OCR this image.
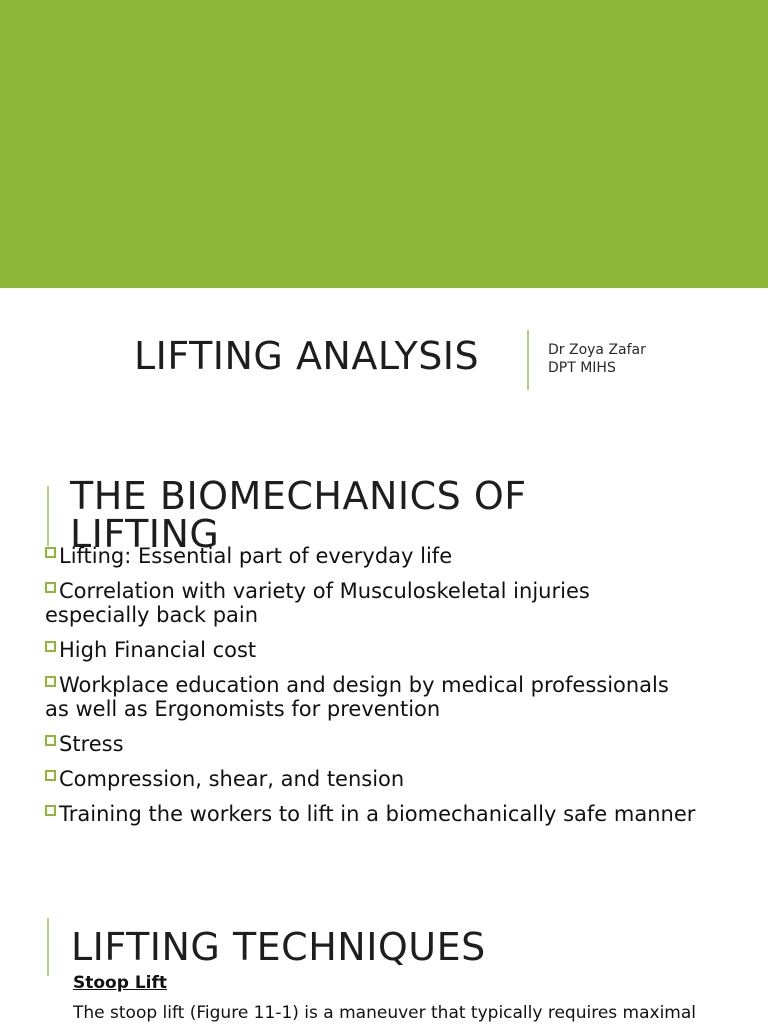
LIFTING ANALYSIS	Dr Zoya Zafar
DPT MIHS
THE BIOMECHANICS OF
LIFTING
Lifting: Essential part of everyday life
Correlation with variety of Musculoskeletal injuries
especially back pain
High Financial cost
Workplace education and design by medical professionals
as well as Ergonomists for prevention
Stress
Compression, shear, and tension
Training the workers to lift in a biomechanically safe manner
LIFTING TECHNIQUES
Stoop Lift
The stoop lift (Figure 11-1) is a maneuver that typically requires maximal
